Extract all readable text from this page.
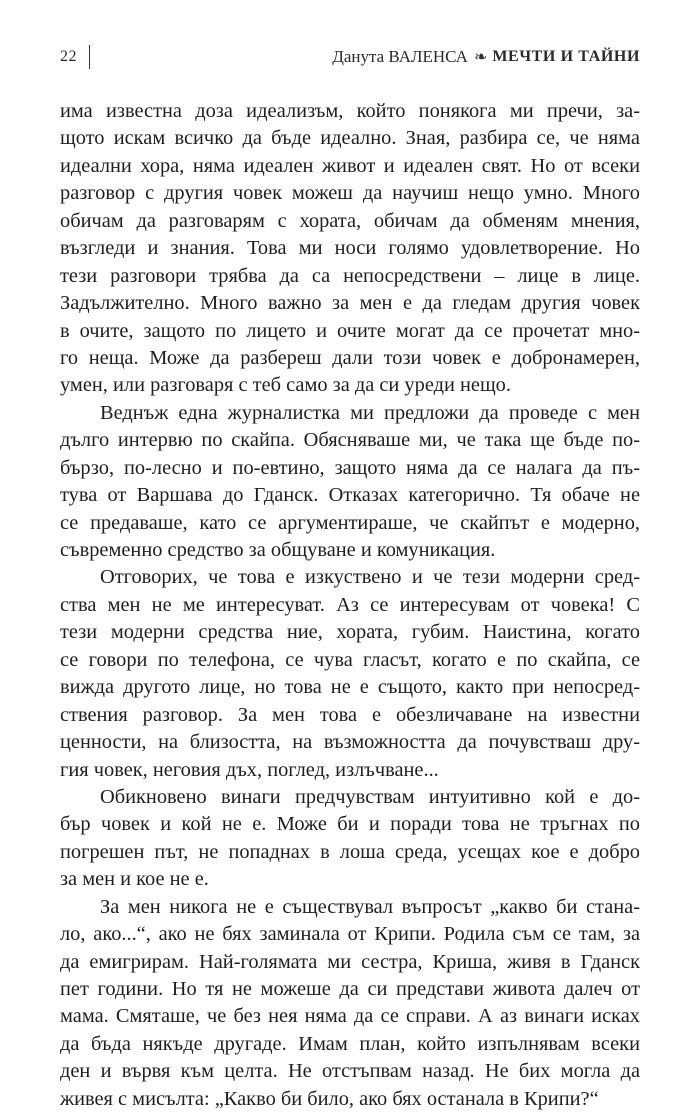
22	Данута ВАЛЕНСА ❧ МЕЧТИ И ТАЙНИ

има известна доза идеализъм, който понякога ми пречи, за-
щото искам всичко да бъде идеално. Зная, разбира се, че няма
идеални хора, няма идеален живот и идеален свят. Но от всеки
разговор с другия човек можеш да научиш нещо умно. Много
обичам да разговарям с хората, обичам да обменям мнения,
възгледи и знания. Това ми носи голямо удовлетворение. Но
тези разговори трябва да са непосредствени – лице в лице.
Задължително. Много важно за мен е да гледам другия човек
в очите, защото по лицето и очите могат да се прочетат мно-
го неща. Може да разбереш дали този човек е добронамерен,
умен, или разговаря с теб само за да си уреди нещо.

Веднъж една журналистка ми предложи да проведе с мен
дълго интервю по скайпа. Обясняваше ми, че така ще бъде по-
бързо, по-лесно и по-евтино, защото няма да се налага да пъ-
тува от Варшава до Гданск. Отказах категорично. Тя обаче не
се предаваше, като се аргументираше, че скайпът е модерно,
съвременно средство за общуване и комуникация.

Отговорих, че това е изкуствено и че тези модерни сред-
ства мен не ме интересуват. Аз се интересувам от човека! С
тези модерни средства ние, хората, губим. Наистина, когато
се говори по телефона, се чува гласът, когато е по скайпа, се
вижда другото лице, но това не е същото, както при непосред-
ствения разговор. За мен това е обезличаване на известни
ценности, на близостта, на възможността да почувстваш дру-
гия човек, неговия дъх, поглед, излъчване...

Обикновено винаги предчувствам интуитивно кой е до-
бър човек и кой не е. Може би и поради това не тръгнах по
погрешен път, не попаднах в лоша среда, усещах кое е добро
за мен и кое не е.

За мен никога не е съществувал въпросът „какво би стана-
ло, ако...“, ако не бях заминала от Крипи. Родила съм се там, за
да емигрирам. Най-голямата ми сестра, Криша, живя в Гданск
пет години. Но тя не можеше да си представи живота далеч от
мама. Смяташе, че без нея няма да се справи. А аз винаги исках
да бъда някъде другаде. Имам план, който изпълнявам всеки
ден и вървя към целта. Не отстъпвам назад. Не бих могла да
живея с мисълта: „Какво би било, ако бях останала в Крипи?“
